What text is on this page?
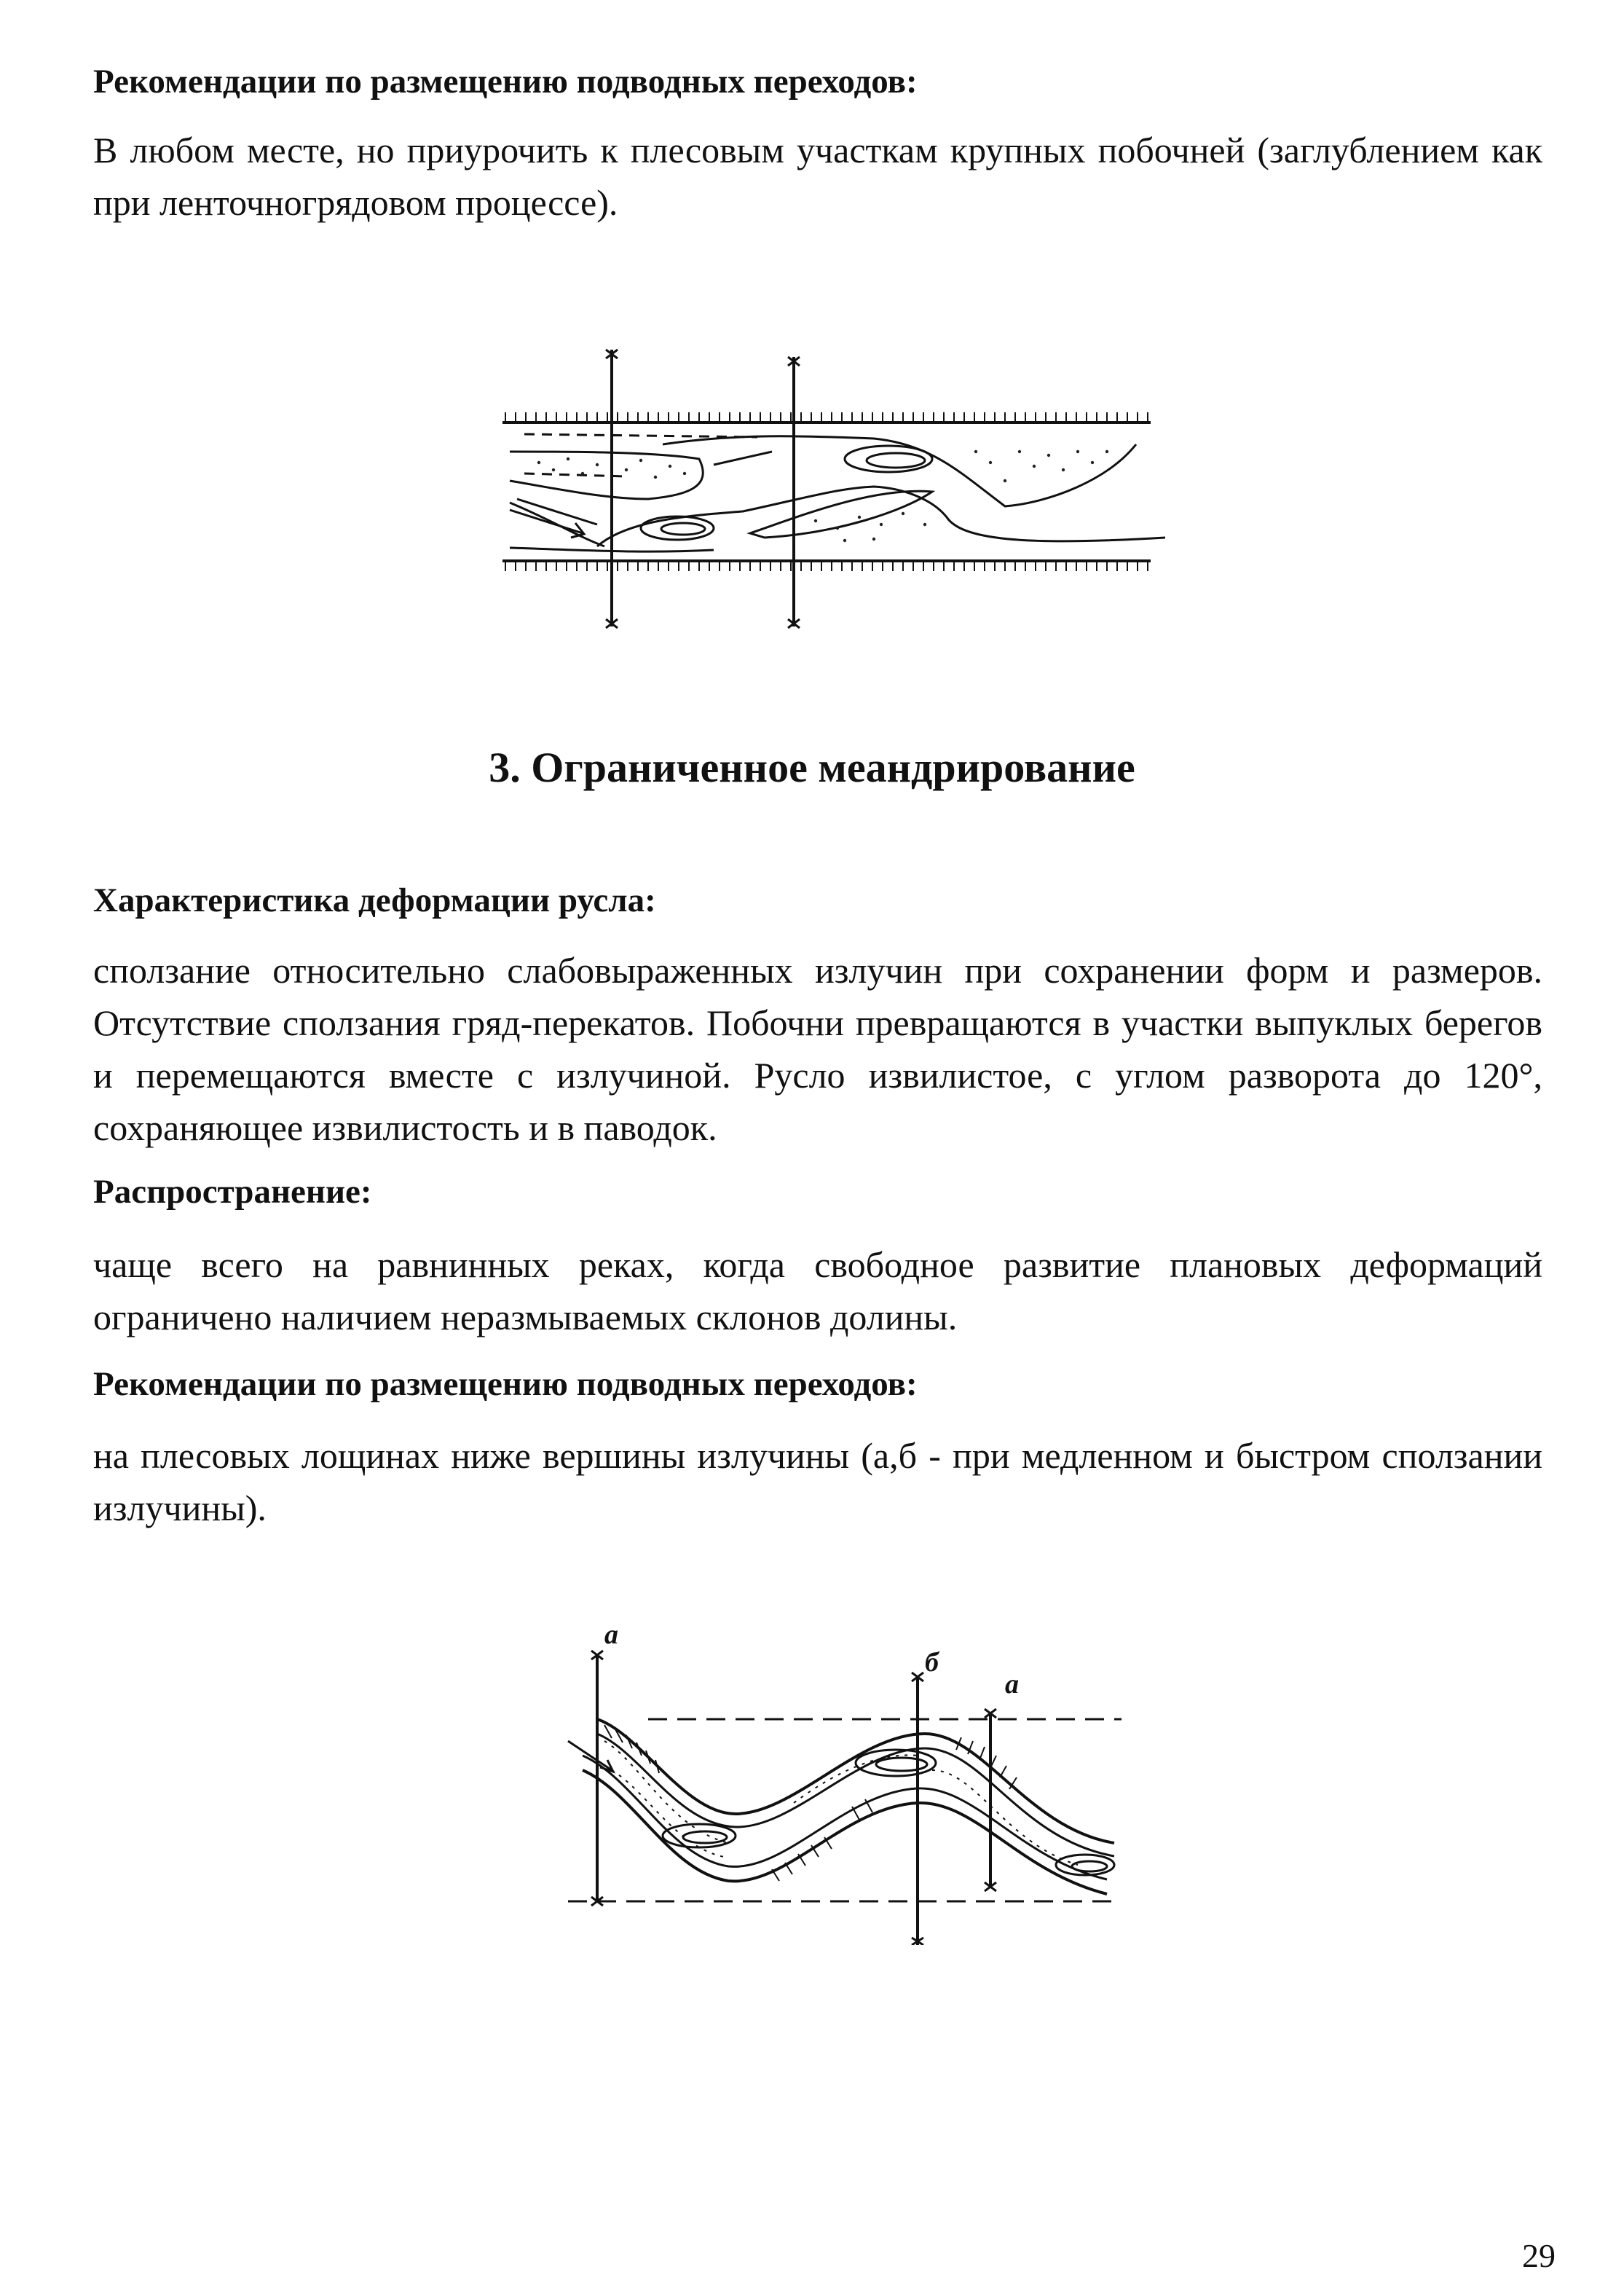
Рекомендации по размещению подводных переходов:
В любом месте, но приурочить к плесовым участкам крупных побочней (заглублением как при ленточногрядовом процессе).
3. Ограниченное меандрирование
Характеристика деформации русла:
сползание относительно слабовыраженных излучин при сохранении форм и размеров. Отсутствие сползания гряд-перекатов. Побочни превращаются в участки выпуклых берегов и перемещаются вместе с излучиной. Русло извилистое, с углом разворота до 120°, сохраняющее извилистость и в паводок.
Распространение:
чаще всего на равнинных реках, когда свободное развитие плановых деформаций ограничено наличием неразмываемых склонов долины.
Рекомендации по размещению подводных переходов:
на плесовых лощинах ниже вершины излучины (а,б - при медленном и быстром сползании излучины).
а
б
а
29
